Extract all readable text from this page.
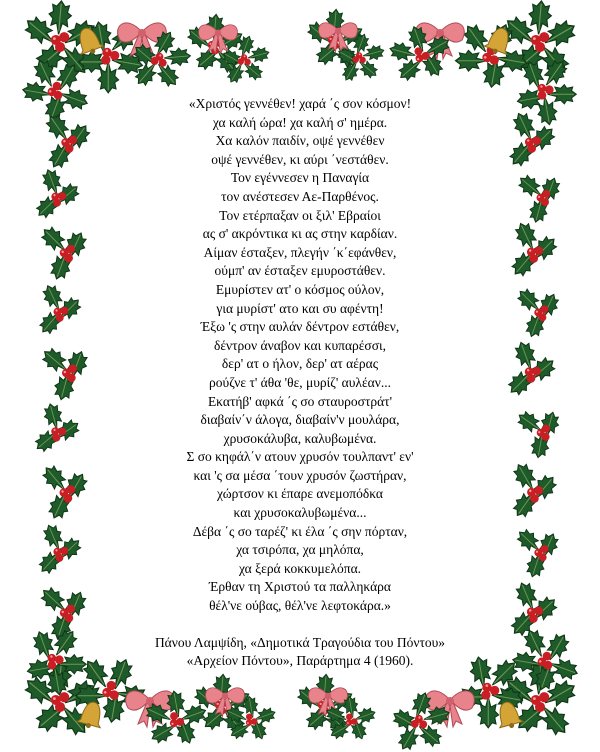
«Χριστός γεννέθεν! χαρά ΄ς σον κόσμον!
χα καλή ώρα! χα καλή σ' ημέρα.
Χα καλόν παιδίν, οψέ γεννέθεν
οψέ γεννέθεν, κι αύρι ΄νεστάθεν.
Τον εγέννεσεν η Παναγία
τον ανέστεσεν Αε-Παρθένος.
Τον ετέρπαξαν οι ξιλ' Εβραίοι
ας σ' ακρόντικα κι ας στην καρδίαν.
Αίμαν έσταξεν, πλεγήν ΄κ΄εφάνθεν,
ούμπ' αν έσταξεν εμυροστάθεν.
Εμυρίστεν ατ' ο κόσμος ούλον,
για μυρίστ' ατο και συ αφέντη!
Έξω 'ς στην αυλάν δέντρον εστάθεν,
δέντρον άναβον και κυπαρέσσι,
δερ' ατ ο ήλον, δερ' ατ αέρας
ρούζνε τ' άθα 'θε, μυρίζ' αυλέαν...
Εκατήβ' αφκά ΄ς σο σταυροστράτ'
διαβαίν΄ν άλογα, διαβαίν'ν μουλάρα,
χρυσοκάλυβα, καλυβωμένα.
Σ σο κηφάλ΄ν ατουν χρυσόν τουλπαντ' εν'
και 'ς σα μέσα ΄τουν χρυσόν ζωστήραν,
χώρτσον κι έπαρε ανεμοπόδκα
και χρυσοκαλυβωμένα...
Δέβα ΄ς σο ταρέζ' κι έλα ΄ς σην πόρταν,
χα τσιρόπα, χα μηλόπα,
χα ξερά κοκκυμελόπα.
Έρθαν τη Χριστού τα παλληκάρα
θέλ'νε ούβας, θέλ'νε λεφτοκάρα.»
Πάνου Λαμψίδη, «Δημοτικά Τραγούδια του Πόντου»
«Αρχείον Πόντου», Παράρτημα 4 (1960).
